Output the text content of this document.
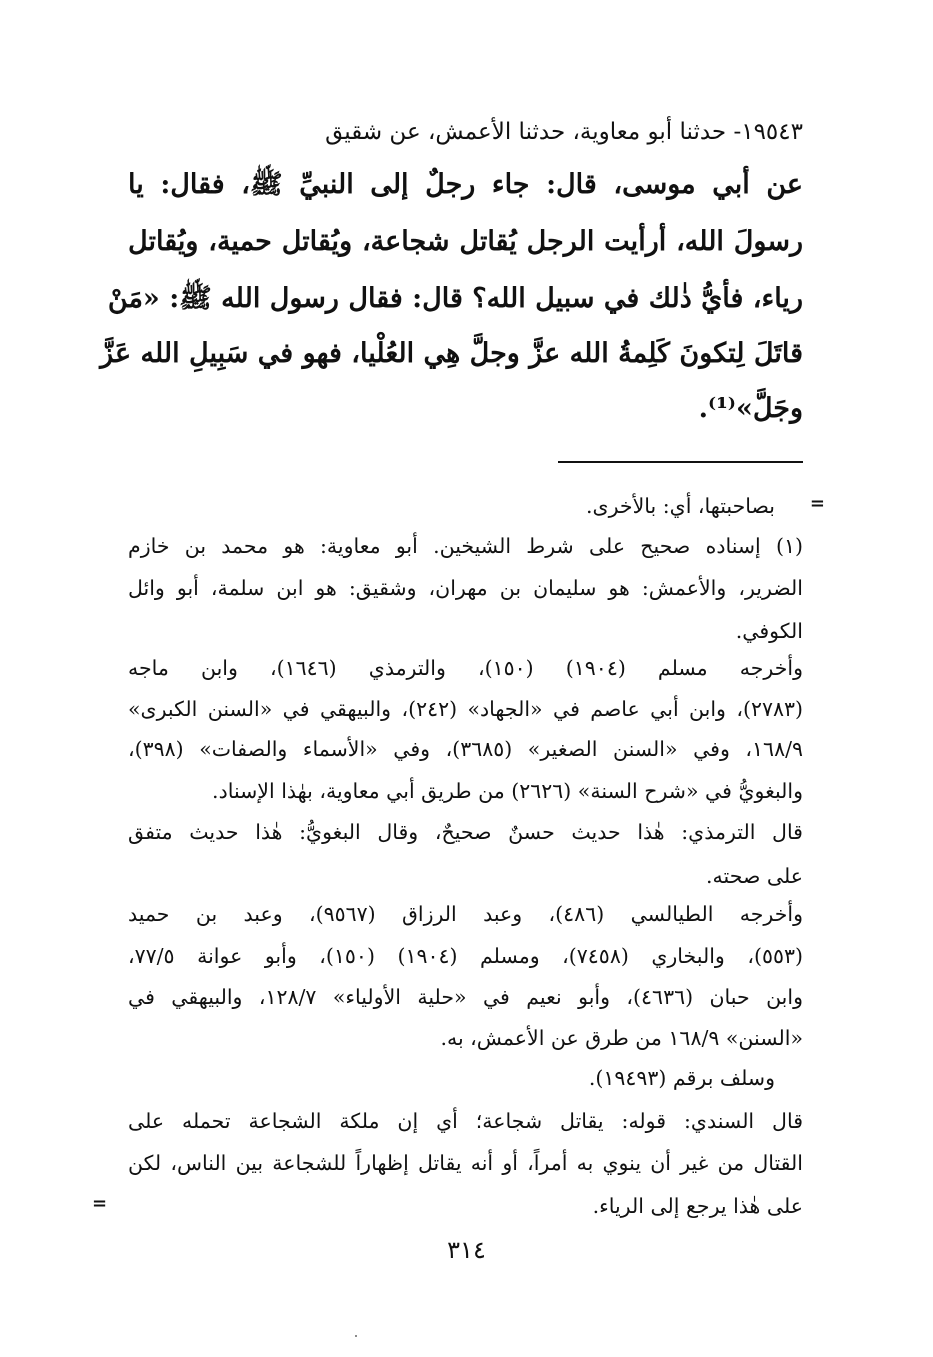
١٩٥٤٣- حدثنا أبو معاوية، حدثنا الأعمش، عن شقيق
عن أبي موسى، قال: جاء رجلٌ إلى النبيِّ ﷺ، فقال: يا
رسولَ الله، أرأيت الرجل يُقاتل شجاعة، ويُقاتل حمية، ويُقاتل
رياء، فأيُّ ذٰلك في سبيل الله؟ قال: فقال رسول الله ﷺ: «مَنْ
قاتَلَ لِتكونَ كَلِمةُ الله عزَّ وجلَّ هِي العُلْيا، فهو في سَبِيلِ الله عَزَّ
وجَلَّ»⁽¹⁾.
=
بصاحبتها، أي: بالأخرى.
(١) إسناده صحيح على شرط الشيخين. أبو معاوية: هو محمد بن خازم
الضرير، والأعمش: هو سليمان بن مهران، وشقيق: هو ابن سلمة، أبو وائل
الكوفي.
وأخرجه مسلم (١٩٠٤) (١٥٠)، والترمذي (١٦٤٦)، وابن ماجه
(٢٧٨٣)، وابن أبي عاصم في «الجهاد» (٢٤٢)، والبيهقي في «السنن الكبرى»
١٦٨/٩، وفي «السنن الصغير» (٣٦٨٥)، وفي «الأسماء والصفات» (٣٩٨)،
والبغويُّ في «شرح السنة» (٢٦٢٦) من طريق أبي معاوية، بهٰذا الإسناد.
قال الترمذي: هٰذا حديث حسنٌ صحيحٌ، وقال البغويُّ: هٰذا حديث متفق
على صحته.
وأخرجه الطيالسي (٤٨٦)، وعبد الرزاق (٩٥٦٧)، وعبد بن حميد
(٥٥٣)، والبخاري (٧٤٥٨)، ومسلم (١٩٠٤) (١٥٠)، وأبو عوانة ٧٧/٥،
وابن حبان (٤٦٣٦)، وأبو نعيم في «حلية الأولياء» ١٢٨/٧، والبيهقي في
«السنن» ١٦٨/٩ من طرق عن الأعمش، به.
وسلف برقم (١٩٤٩٣).
قال السندي: قوله: يقاتل شجاعة؛ أي إن ملكة الشجاعة تحمله على
القتال من غير أن ينوي به أمراً، أو أنه يقاتل إظهاراً للشجاعة بين الناس، لكن
على هٰذا يرجع إلى الرياء.
=
٣١٤
